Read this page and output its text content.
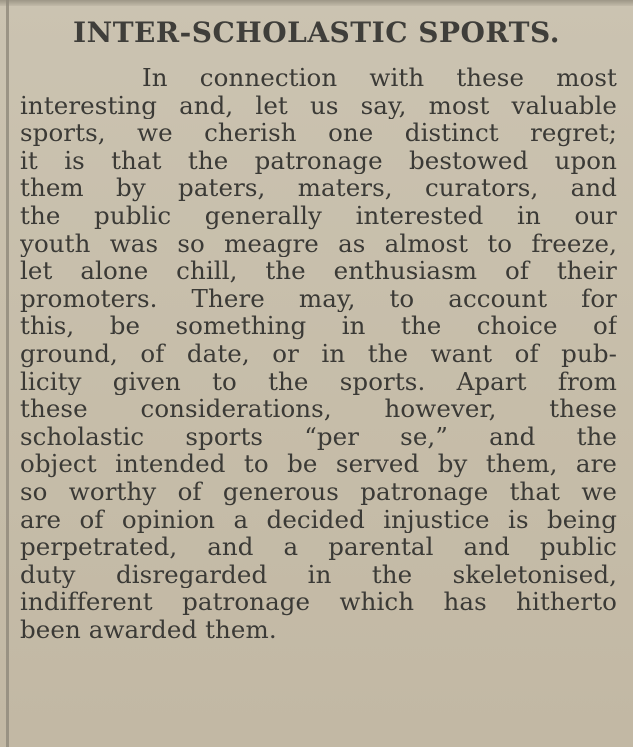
INTER-SCHOLASTIC SPORTS.
In connection with these most
interesting and, let us say, most valuable
sports, we cherish one distinct regret;
it is that the patronage bestowed upon
them by paters, maters, curators, and
the public generally interested in our
youth was so meagre as almost to freeze,
let alone chill, the enthusiasm of their
promoters. There may, to account for
this, be something in the choice of
ground, of date, or in the want of pub-
licity given to the sports. Apart from
these considerations, however, these
scholastic sports “per se,” and the
object intended to be served by them, are
so worthy of generous patronage that we
are of opinion a decided injustice is being
perpetrated, and a parental and public
duty disregarded in the skeletonised,
indifferent patronage which has hitherto
been awarded them.
